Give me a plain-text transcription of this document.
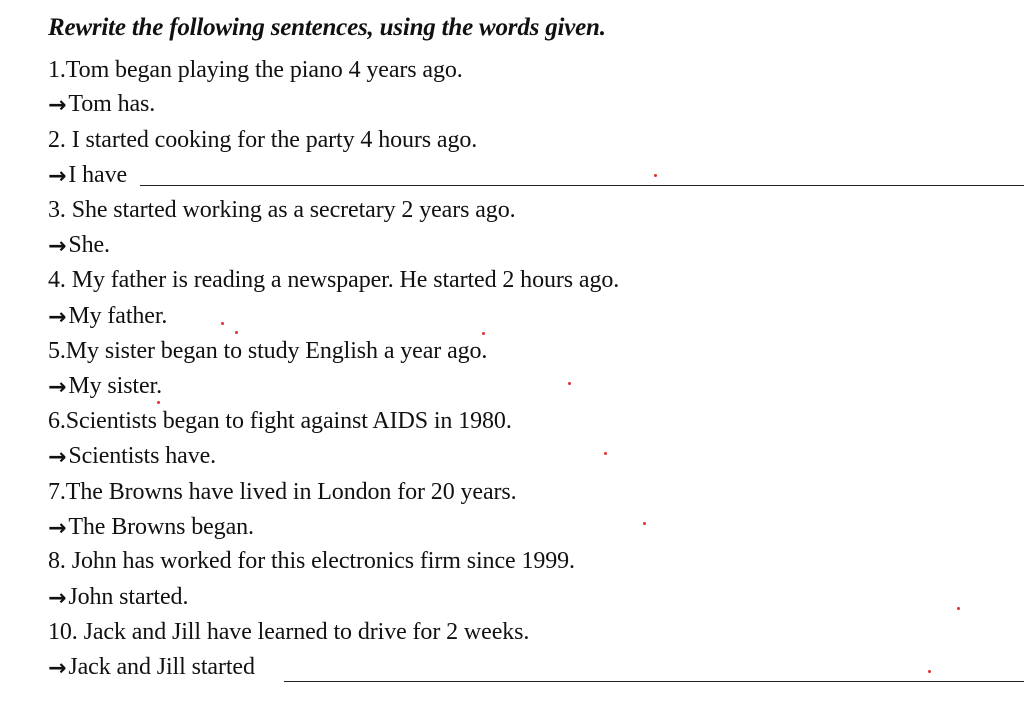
Rewrite the following sentences, using the words given.
1.Tom began playing the piano 4 years ago.
→ Tom has.
2. I started cooking for the party 4 hours ago.
→ I have
3. She started working as a secretary 2 years ago.
→ She.
4. My father is reading a newspaper. He started 2 hours ago.
→ My father.
5.My sister began to study English a year ago.
→ My sister.
6.Scientists began to fight against AIDS in 1980.
→ Scientists have.
7.The Browns have lived in London for 20 years.
→ The Browns began.
8. John has worked for this electronics firm since 1999.
→ John started.
10. Jack and Jill have learned to drive for 2 weeks.
→ Jack and Jill started
